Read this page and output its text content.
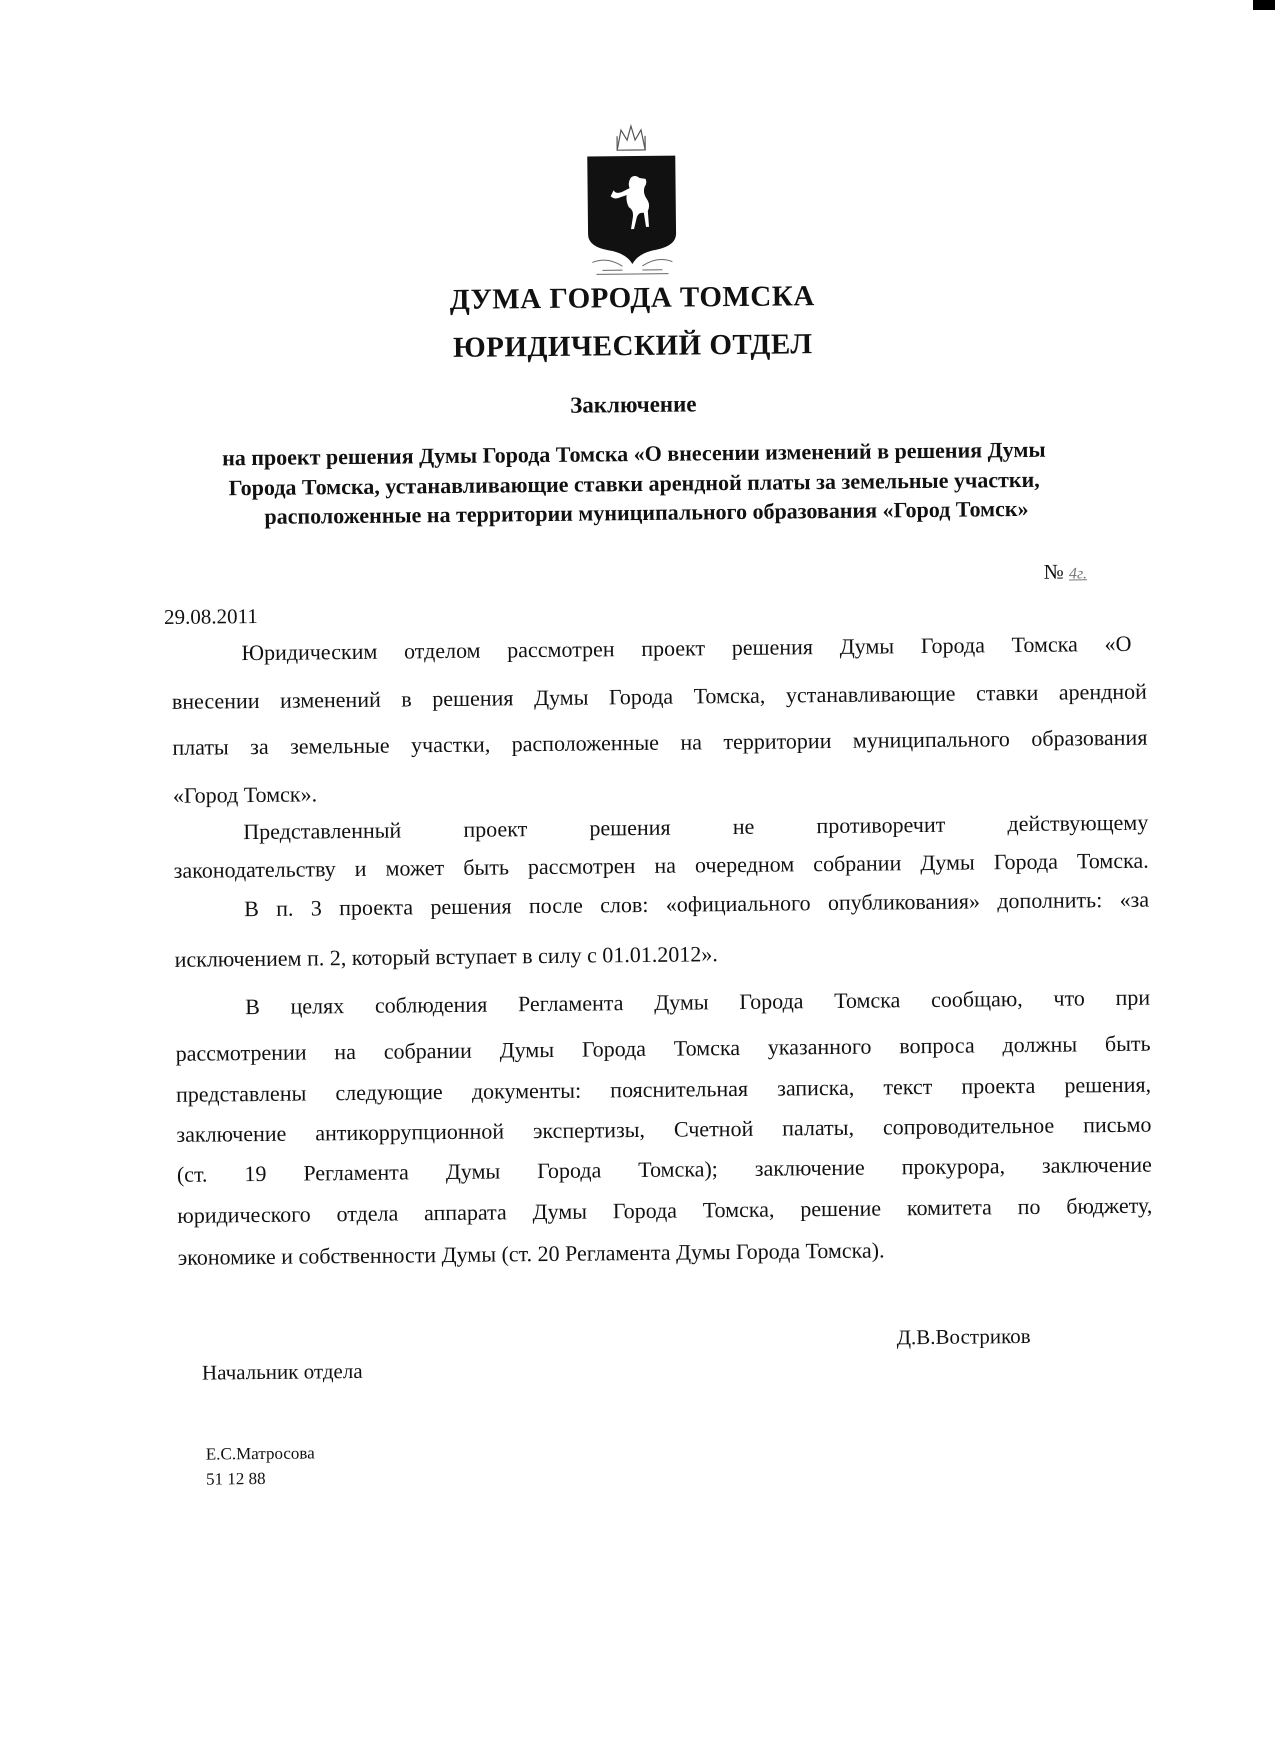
ДУМА ГОРОДА ТОМСКА
ЮРИДИЧЕСКИЙ ОТДЕЛ
Заключение
на проект решения Думы Города Томска «О внесении изменений в решения Думы
Города Томска, устанавливающие ставки арендной платы за земельные участки,
расположенные на территории муниципального образования «Город Томск»
№ 4г.
29.08.2011
Юридическим отделом рассмотрен проект решения Думы Города Томска «О
внесении изменений в решения Думы Города Томска, устанавливающие ставки арендной
платы за земельные участки, расположенные на территории муниципального образования
«Город Томск».
Представленный проект решения не противоречит действующему
законодательству и может быть рассмотрен на очередном собрании Думы Города Томска.
В п. 3 проекта решения после слов: «официального опубликования» дополнить: «за
исключением п. 2, который вступает в силу с 01.01.2012».
В целях соблюдения Регламента Думы Города Томска сообщаю, что при
рассмотрении на собрании Думы Города Томска указанного вопроса должны быть
представлены следующие документы: пояснительная записка, текст проекта решения,
заключение антикоррупционной экспертизы, Счетной палаты, сопроводительное письмо
(ст. 19 Регламента Думы Города Томска); заключение прокурора, заключение
юридического отдела аппарата Думы Города Томска, решение комитета по бюджету,
экономике и собственности Думы (ст. 20 Регламента Думы Города Томска).
Д.В.Востриков
Начальник отдела
Е.С.Матросова
51 12 88
